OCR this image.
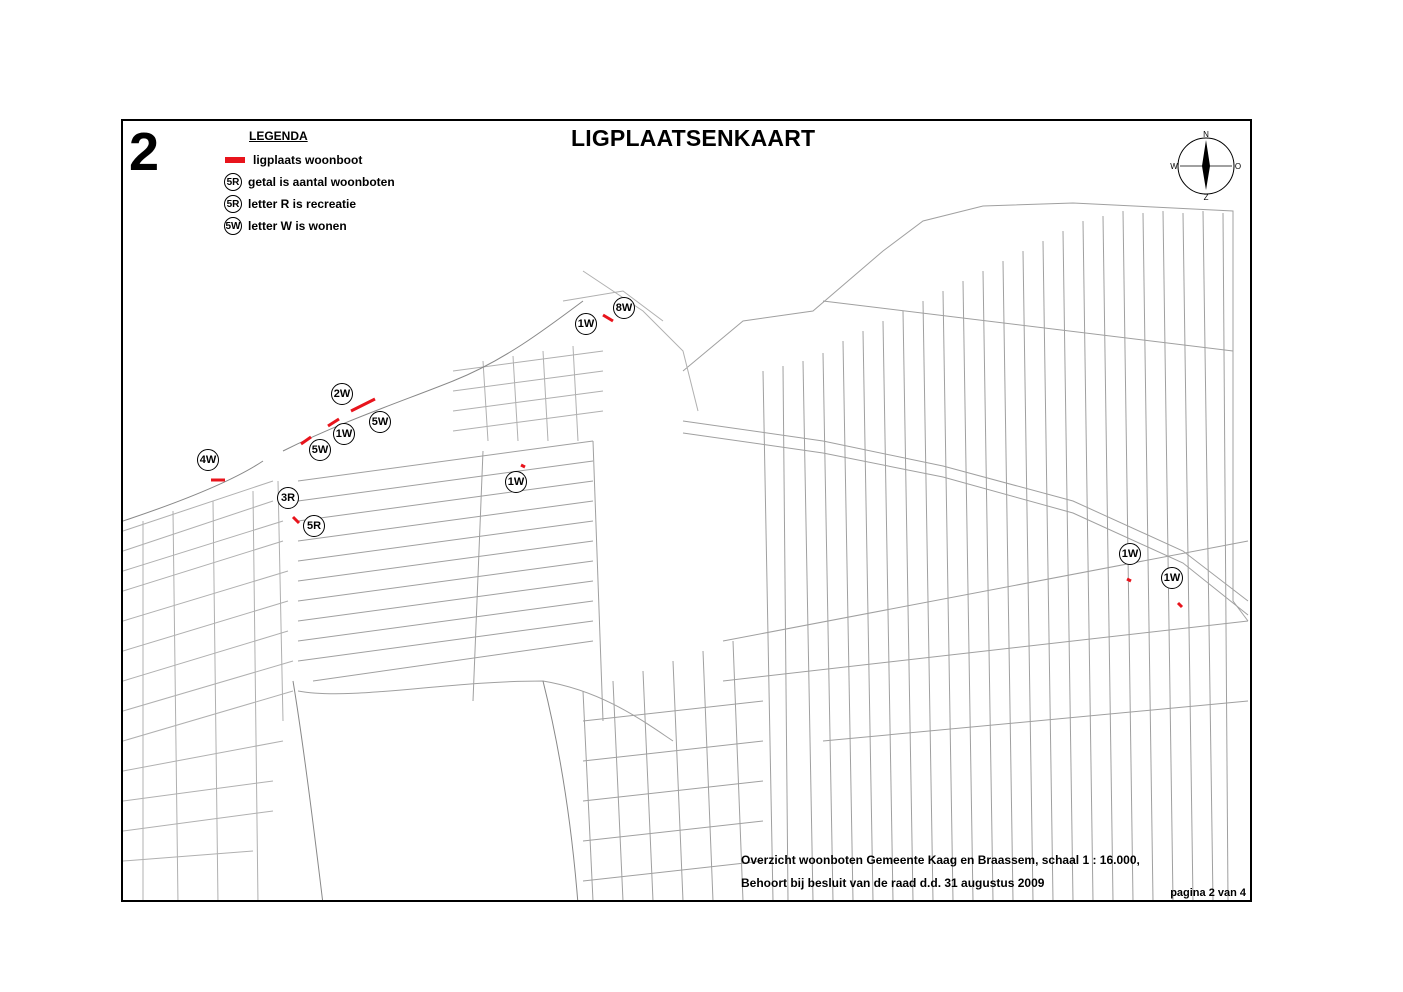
N
O
Z
W
2	LEGENDA
ligplaats woonboot
5R getal is aantal woonboten
5R letter R is recreatie
5W letter W is wonen
LIGPLAATSENKAART
4W
2W
1W
5W
5W
3R
5R
1W
8W
1W
1W
1W
Overzicht woonboten Gemeente Kaag en Braassem, schaal 1 : 16.000,
Behoort bij besluit van de raad d.d. 31 augustus 2009
pagina 2 van 4
